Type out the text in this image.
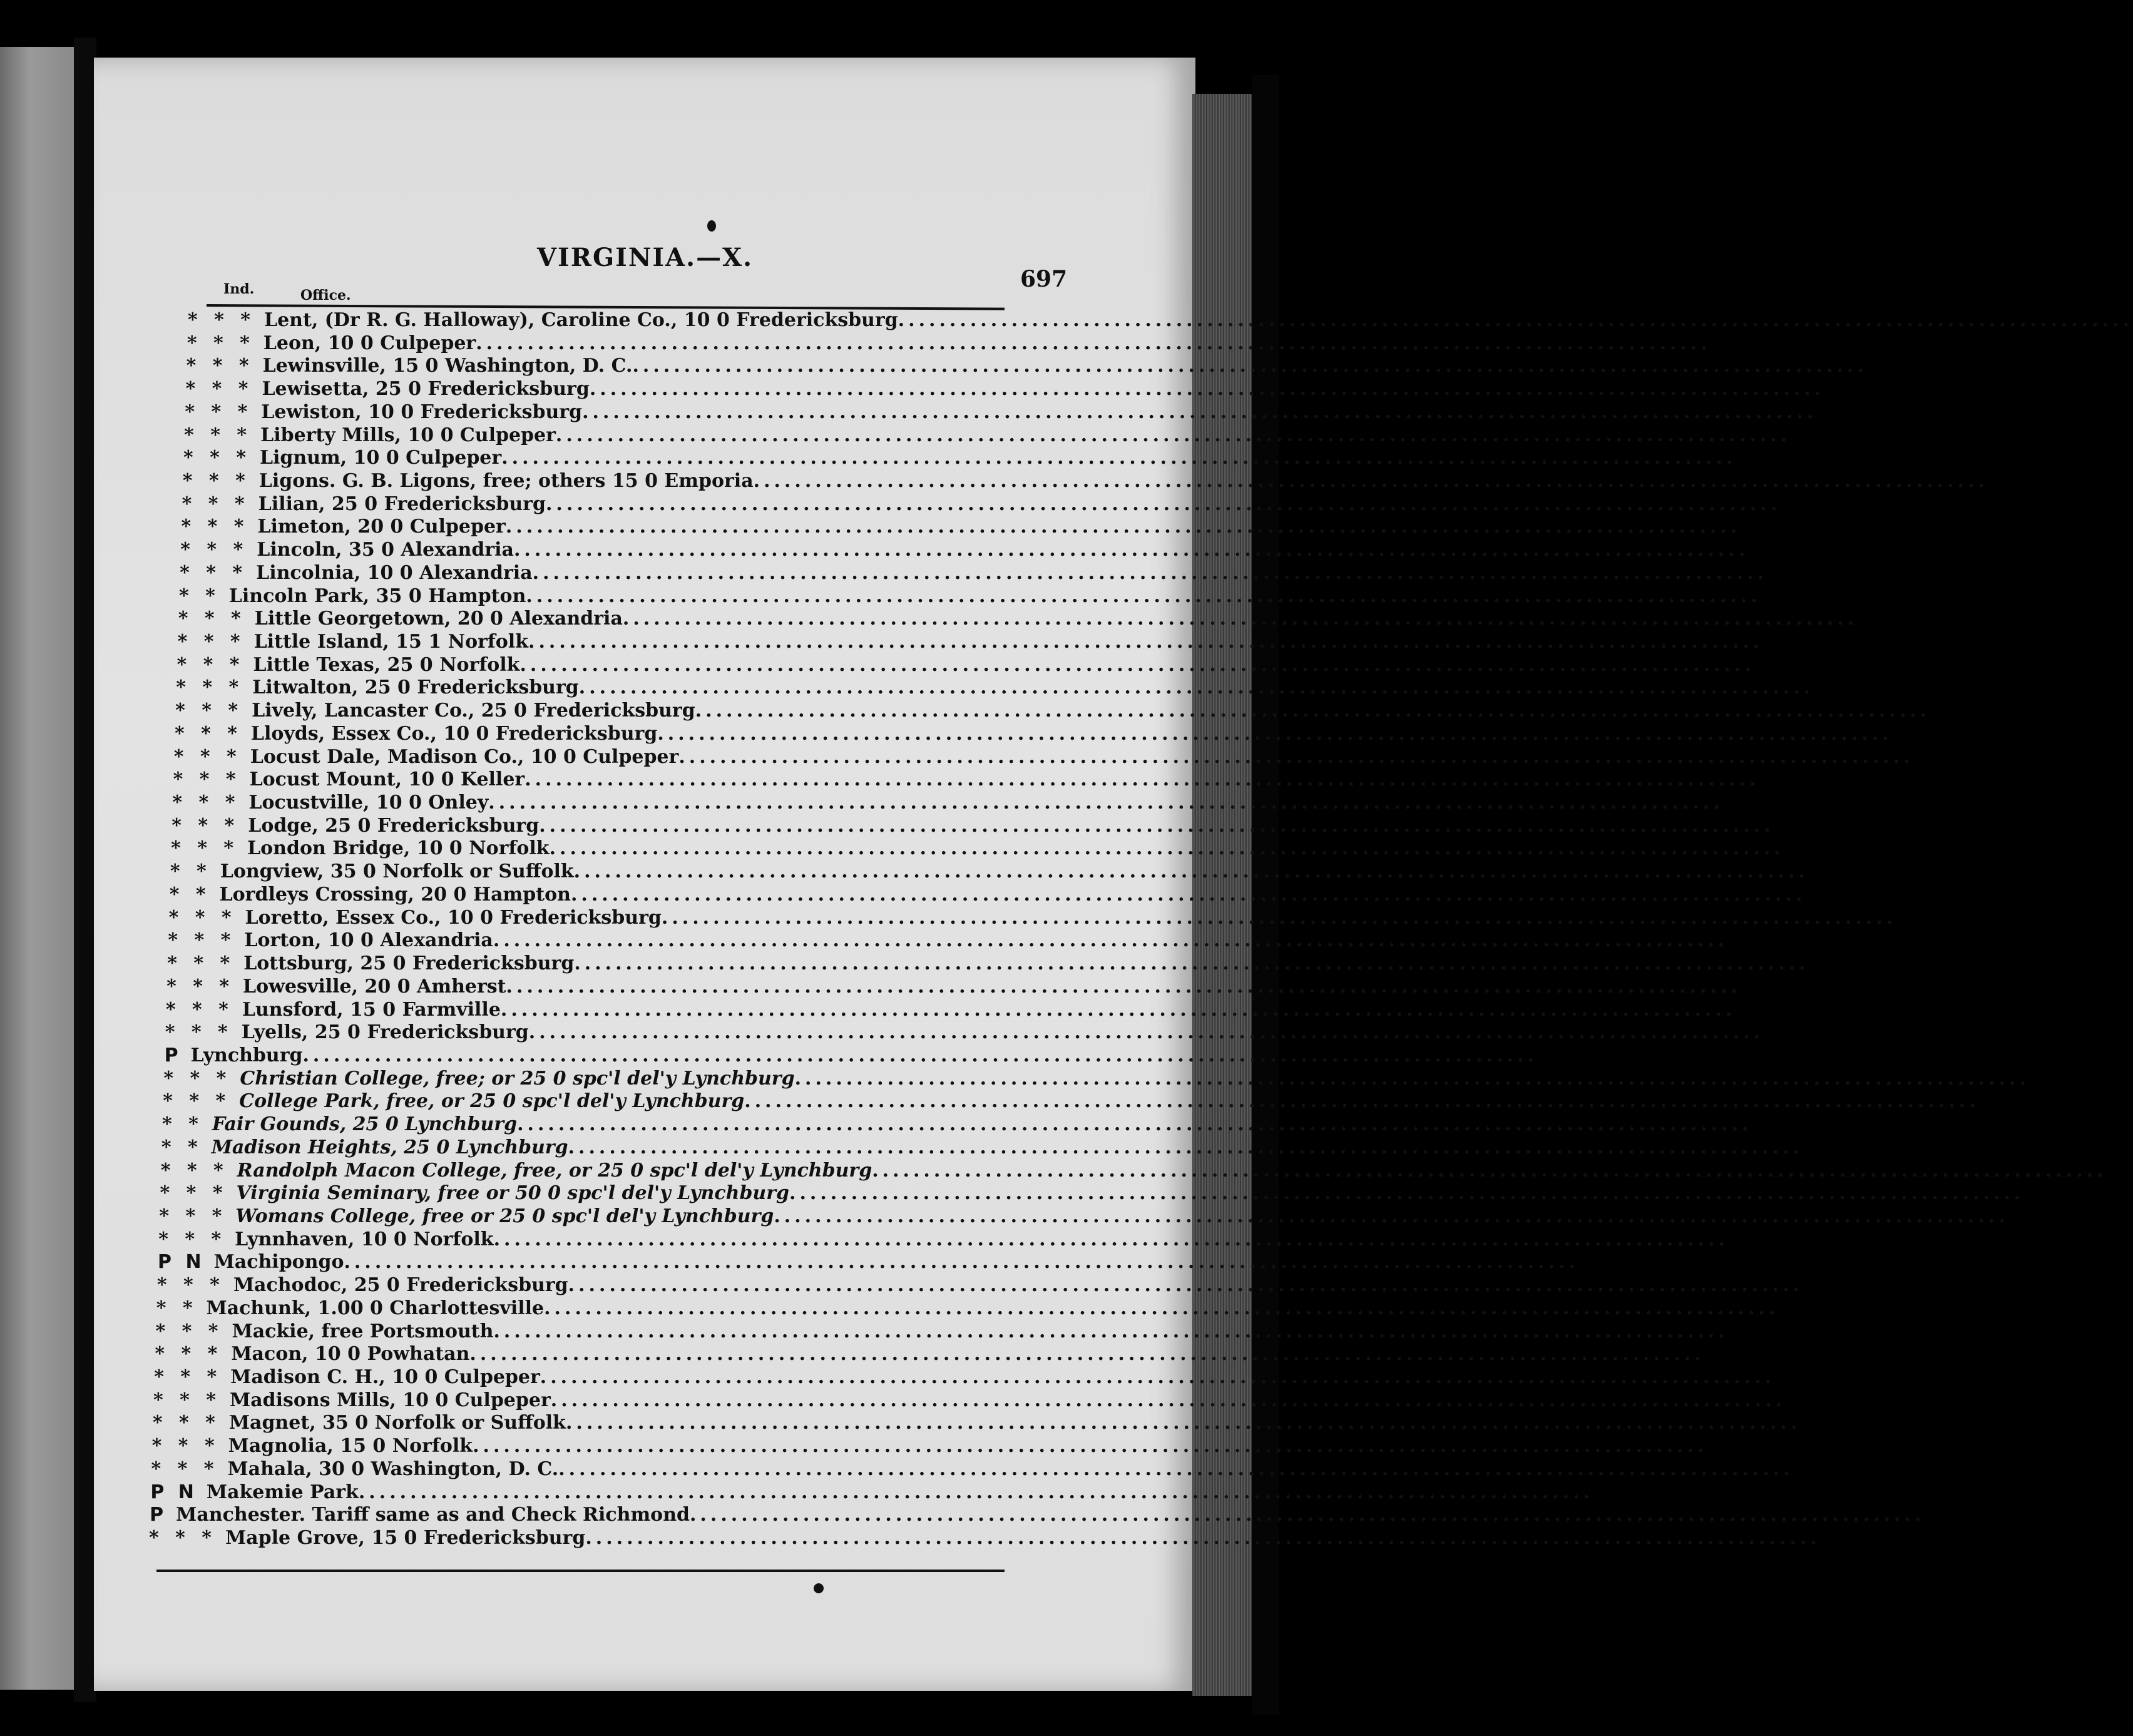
VIRGINIA.—X.
697
Ind.	Office.
* * * Lent, (Dr R. G. Halloway), Caroline Co., 10 0 Fredericksburg ........................................................................................................................
* * * Leon, 10 0 Culpeper ........................................................................................................................
* * * Lewinsville, 15 0 Washington, D. C. ........................................................................................................................
* * * Lewisetta, 25 0 Fredericksburg ........................................................................................................................
* * * Lewiston, 10 0 Fredericksburg ........................................................................................................................
* * * Liberty Mills, 10 0 Culpeper ........................................................................................................................
* * * Lignum, 10 0 Culpeper ........................................................................................................................
* * * Ligons. G. B. Ligons, free; others 15 0 Emporia ........................................................................................................................
* * * Lilian, 25 0 Fredericksburg ........................................................................................................................
* * * Limeton, 20 0 Culpeper ........................................................................................................................
* * * Lincoln, 35 0 Alexandria ........................................................................................................................
* * * Lincolnia, 10 0 Alexandria ........................................................................................................................
* * Lincoln Park, 35 0 Hampton ........................................................................................................................
* * * Little Georgetown, 20 0 Alexandria ........................................................................................................................
* * * Little Island, 15 1 Norfolk ........................................................................................................................
* * * Little Texas, 25 0 Norfolk ........................................................................................................................
* * * Litwalton, 25 0 Fredericksburg ........................................................................................................................
* * * Lively, Lancaster Co., 25 0 Fredericksburg ........................................................................................................................
* * * Lloyds, Essex Co., 10 0 Fredericksburg ........................................................................................................................
* * * Locust Dale, Madison Co., 10 0 Culpeper ........................................................................................................................
* * * Locust Mount, 10 0 Keller ........................................................................................................................
* * * Locustville, 10 0 Onley ........................................................................................................................
* * * Lodge, 25 0 Fredericksburg ........................................................................................................................
* * * London Bridge, 10 0 Norfolk ........................................................................................................................
* * Longview, 35 0 Norfolk or Suffolk ........................................................................................................................
* * Lordleys Crossing, 20 0 Hampton ........................................................................................................................
* * * Loretto, Essex Co., 10 0 Fredericksburg ........................................................................................................................
* * * Lorton, 10 0 Alexandria ........................................................................................................................
* * * Lottsburg, 25 0 Fredericksburg ........................................................................................................................
* * * Lowesville, 20 0 Amherst ........................................................................................................................
* * * Lunsford, 15 0 Farmville ........................................................................................................................
* * * Lyells, 25 0 Fredericksburg ........................................................................................................................
P Lynchburg ........................................................................................................................
* * * Christian College, free; or 25 0 spc'l del'y Lynchburg ........................................................................................................................
* * * College Park, free, or 25 0 spc'l del'y Lynchburg ........................................................................................................................
* * Fair Gounds, 25 0 Lynchburg ........................................................................................................................
* * Madison Heights, 25 0 Lynchburg ........................................................................................................................
* * * Randolph Macon College, free, or 25 0 spc'l del'y Lynchburg ........................................................................................................................
* * * Virginia Seminary, free or 50 0 spc'l del'y Lynchburg ........................................................................................................................
* * * Womans College, free or 25 0 spc'l del'y Lynchburg ........................................................................................................................
* * * Lynnhaven, 10 0 Norfolk ........................................................................................................................
P N Machipongo ........................................................................................................................
* * * Machodoc, 25 0 Fredericksburg ........................................................................................................................
* * Machunk, 1.00 0 Charlottesville ........................................................................................................................
* * * Mackie, free Portsmouth ........................................................................................................................
* * * Macon, 10 0 Powhatan ........................................................................................................................
* * * Madison C. H., 10 0 Culpeper ........................................................................................................................
* * * Madisons Mills, 10 0 Culpeper ........................................................................................................................
* * * Magnet, 35 0 Norfolk or Suffolk ........................................................................................................................
* * * Magnolia, 15 0 Norfolk ........................................................................................................................
* * * Mahala, 30 0 Washington, D. C. ........................................................................................................................
P N Makemie Park ........................................................................................................................
P Manchester. Tariff same as and Check Richmond ........................................................................................................................
* * * Maple Grove, 15 0 Fredericksburg ........................................................................................................................
